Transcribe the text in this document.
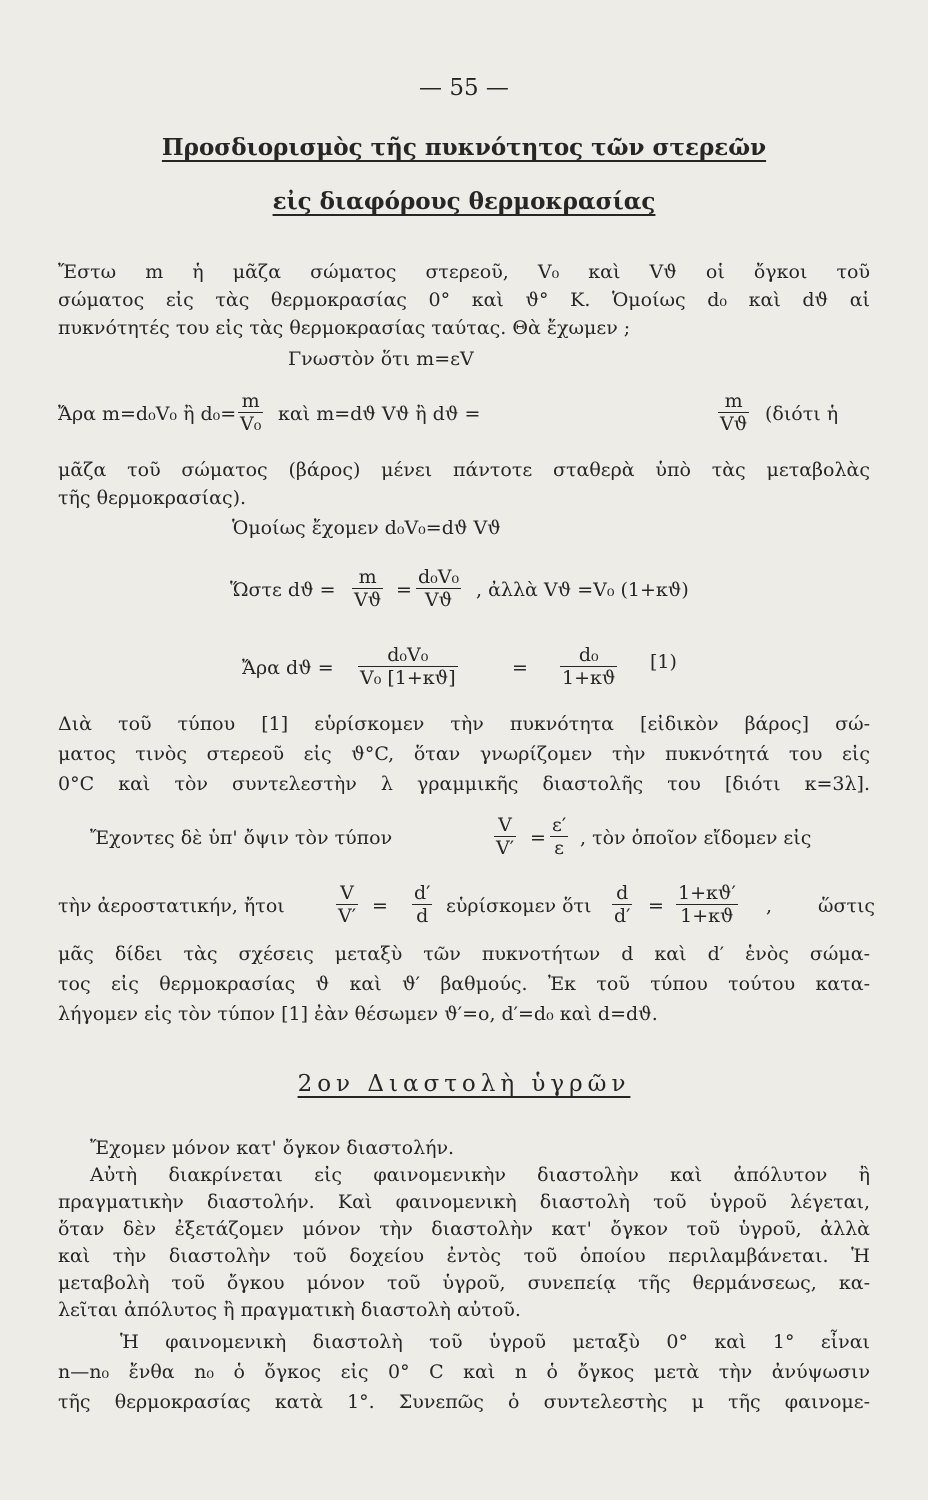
— 55 —
Προσδιορισμὸς τῆς πυκνότητος τῶν στερεῶν
εἰς διαφόρους θερμοκρασίας
Ἔστω m ἡ μᾶζα σώματος στερεοῦ, V₀ καὶ Vϑ οἱ ὄγκοι τοῦ
σώματος εἰς τὰς θερμοκρασίας 0° καὶ ϑ° K. Ὁμοίως d₀ καὶ dϑ αἱ
πυκνότητές του εἰς τὰς θερμοκρασίας ταύτας. Θὰ ἔχωμεν ;
Γνωστὸν ὅτι m=εV
Ἄρα m=d₀V₀ ἢ $d_0= \frac{m}{\text{V₀}}$ καὶ m=dϑ Vϑ ἢ dϑ =	$\frac{m}{Vϑ} (\delta\iota ό\tau\iota$ ἡ
μᾶζα τοῦ σώματος (βάρος) μένει πάντοτε σταθερὰ ὑπὸ τὰς μεταβολὰς
τῆς θερμοκρασίας).
Ὁμοίως ἔχομεν d₀V₀=dϑ Vϑ
Ὥστε $dϑ = \frac{m}{Vϑ} = \frac{\text{d₀V₀}}{Vϑ}$ , ἀλλὰ Vϑ =V₀ (1+κϑ)
Ἄρα $dϑ = \frac{\text{d₀V₀}}{\text{V₀ [1+κϑ]}}$	= $\frac{\text{d₀}}{1+\kappa ϑ} [1)$
Διὰ τοῦ τύπου [1] εὑρίσκομεν τὴν πυκνότητα [εἰδικὸν βάρος] σώ-
ματος τινὸς στερεοῦ εἰς ϑ°C, ὅταν γνωρίζομεν τὴν πυκνότητά του εἰς
0°C καὶ τὸν συντελεστὴν λ γραμμικῆς διαστολῆς του [διότι κ=3λ].
Ἔχοντες δὲ ὑπ' ὄψιν τὸν τύπον	$\frac{V}{V'} = \frac{\varepsilon'}{\varepsilon}$ , τὸν ὁποῖον εἴδομεν εἰς
τὴν ἀεροστατικήν, ἤτοι	$\frac{V}{V'} = \frac{d'}{d}$ εὑρίσκομεν ὅτι $\frac{d}{d'} = \frac{1+\kappa ϑ'}{1+\kappa ϑ}$ , ὥστις
μᾶς δίδει τὰς σχέσεις μεταξὺ τῶν πυκνοτήτων d καὶ d′ ἑνὸς σώμα-
τος εἰς θερμοκρασίας ϑ καὶ ϑ′ βαθμούς. Ἐκ τοῦ τύπου τούτου κατα-
λήγομεν εἰς τὸν τύπον [1] ἐὰν θέσωμεν ϑ′=o, d′=d₀ καὶ d=dϑ.
2ον Διαστολὴ ὑγρῶν
Ἔχομεν μόνον κατ' ὄγκον διαστολήν.
Αὐτὴ διακρίνεται εἰς φαινομενικὴν διαστολὴν καὶ ἀπόλυτον ἢ
πραγματικὴν διαστολήν. Καὶ φαινομενικὴ διαστολὴ τοῦ ὑγροῦ λέγεται,
ὅταν δὲν ἐξετάζομεν μόνον τὴν διαστολὴν κατ' ὄγκον τοῦ ὑγροῦ, ἀλλὰ
καὶ τὴν διαστολὴν τοῦ δοχείου ἐντὸς τοῦ ὁποίου περιλαμβάνεται. Ἡ
μεταβολὴ τοῦ ὄγκου μόνον τοῦ ὑγροῦ, συνεπείᾳ τῆς θερμάνσεως, κα-
λεῖται ἀπόλυτος ἢ πραγματικὴ διαστολὴ αὐτοῦ.
Ἡ φαινομενικὴ διαστολὴ τοῦ ὑγροῦ μεταξὺ 0° καὶ 1° εἶναι
n—n₀ ἔνθα n₀ ὁ ὄγκος εἰς 0° C καὶ n ὁ ὄγκος μετὰ τὴν ἀνύψωσιν
τῆς θερμοκρασίας κατὰ 1°. Συνεπῶς ὁ συντελεστὴς μ τῆς φαινομε-
